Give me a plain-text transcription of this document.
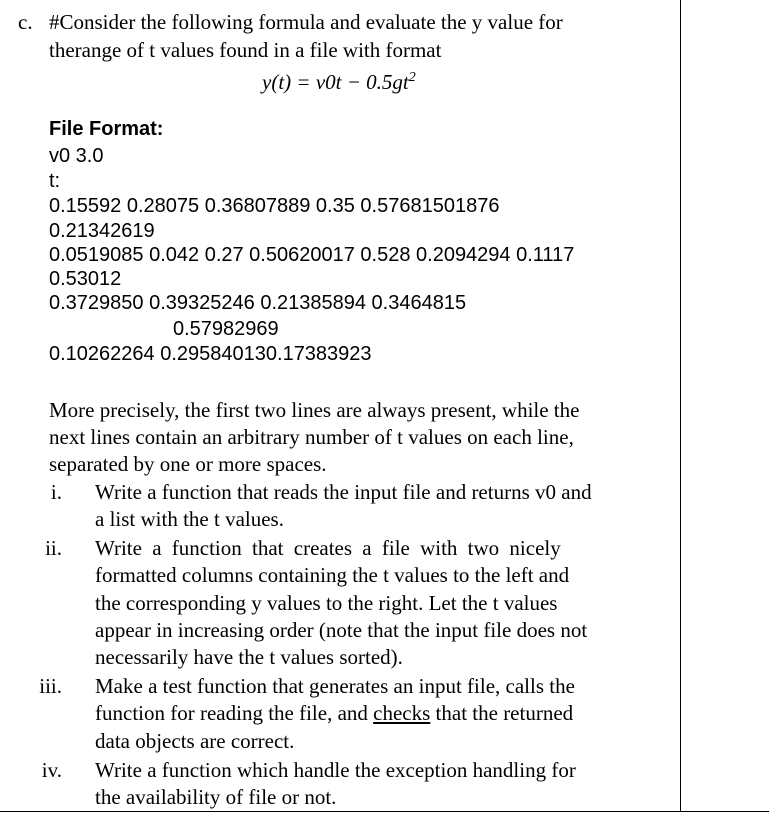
c. #Consider the following formula and evaluate the y value for
therange of t values found in a file with format
$y(t) = v0t - 0.5gt^2$
File Format:
v0 3.0
t:
0.15592 0.28075 0.36807889 0.35 0.57681501876
0.21342619
0.0519085 0.042 0.27 0.50620017 0.528 0.2094294 0.1117
0.53012
0.3729850 0.39325246 0.21385894 0.3464815
0.57982969
0.10262264 0.295840130.17383923
More precisely, the first two lines are always present, while the
next lines contain an arbitrary number of t values on each line,
separated by one or more spaces.
i. Write a function that reads the input file and returns v0 and
a list with the t values.
ii. Write a function that creates a file with two nicely
formatted columns containing the t values to the left and
the corresponding y values to the right. Let the t values
appear in increasing order (note that the input file does not
necessarily have the t values sorted).
iii. Make a test function that generates an input file, calls the
function for reading the file, and checks that the returned
data objects are correct.
iv. Write a function which handle the exception handling for
the availability of file or not.
